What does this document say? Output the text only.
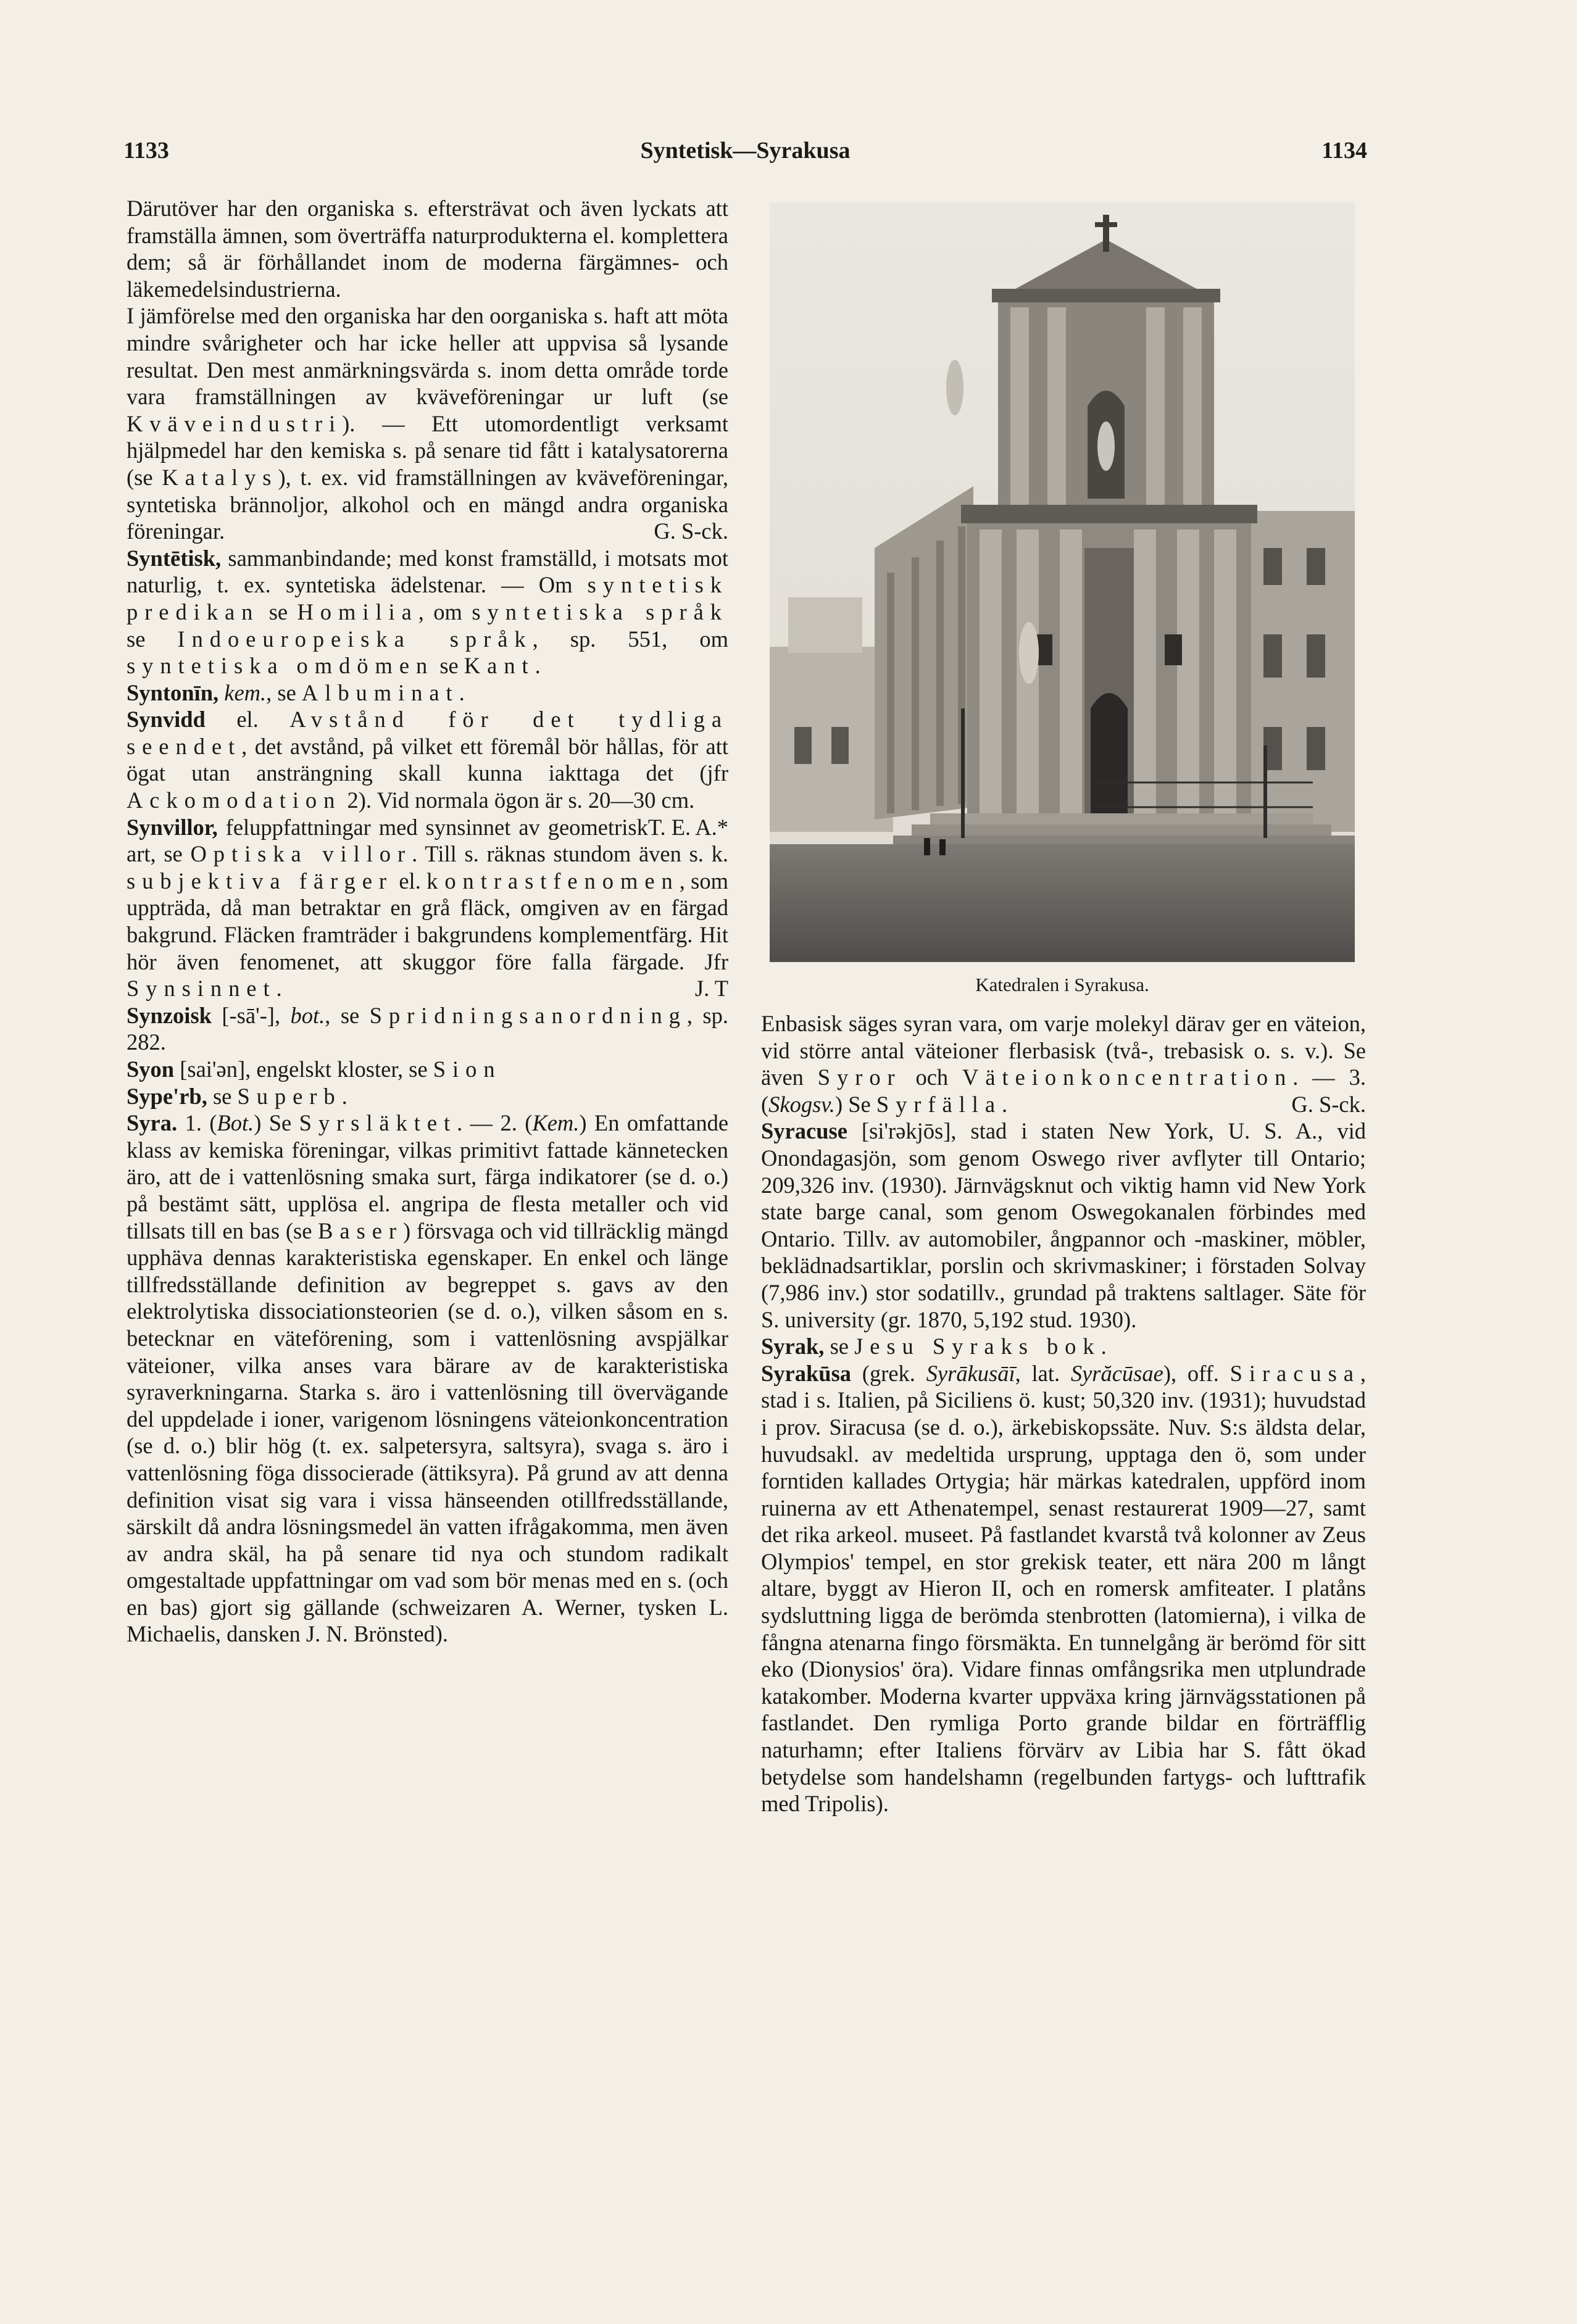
1133	Syntetisk—Syrakusa	1134

Därutöver har den organiska s. eftersträvat och även lyckats att framställa ämnen, som överträffa naturprodukterna el. komplettera dem; så är förhållandet inom de moderna färgämnes- och läkemedelsindustrierna.

I jämförelse med den organiska har den oorganiska s. haft att möta mindre svårigheter och har icke heller att uppvisa så lysande resultat. Den mest anmärkningsvärda s. inom detta område torde vara framställningen av kväveföreningar ur luft (se Kväveindustri). — Ett utomordentligt verksamt hjälpmedel har den kemiska s. på senare tid fått i katalysatorerna (se Katalys), t. ex. vid framställningen av kväveföreningar, syntetiska brännoljor, alkohol och en mängd andra organiska föreningar.	G. S-ck.

Syntētisk, sammanbindande; med konst framställd, i motsats mot naturlig, t. ex. syntetiska ädelstenar. — Om syntetisk predikan se Homilia, om syntetiska språk se Indoeuropeiska språk, sp. 551, om syntetiska omdömen se Kant.

Syntonīn, kem., se Albuminat.

Synvidd el. Avstånd för det tydliga seendet, det avstånd, på vilket ett föremål bör hållas, för att ögat utan ansträngning skall kunna iakttaga det (jfr Ackomodation 2). Vid normala ögon är s. 20—30 cm.
T. E. A.*

Synvillor, feluppfattningar med synsinnet av geometrisk art, se Optiska villor. Till s. räknas stundom även s. k. subjektiva färger el. kontrastfenomen, som uppträda, då man betraktar en grå fläck, omgiven av en färgad bakgrund. Fläcken framträder i bakgrundens komplementfärg. Hit hör även fenomenet, att skuggor före falla färgade. Jfr Synsinnet.	J. T

Synzoisk [-sā'-], bot., se Spridningsanordning, sp. 282.

Syon [sai'ən], engelskt kloster, se Sion

Sype'rb, se Superb.

Syra. 1. (Bot.) Se Syrsläktet. — 2. (Kem.) En omfattande klass av kemiska föreningar, vilkas primitivt fattade kännetecken äro, att de i vattenlösning smaka surt, färga indikatorer (se d. o.) på bestämt sätt, upplösa el. angripa de flesta metaller och vid tillsats till en bas (se Baser) försvaga och vid tillräcklig mängd upphäva dennas karakteristiska egenskaper. En enkel och länge tillfredsställande definition av begreppet s. gavs av den elektrolytiska dissociationsteorien (se d. o.), vilken såsom en s. betecknar en väteförening, som i vattenlösning avspjälkar väteioner, vilka anses vara bärare av de karakteristiska syraverkningarna. Starka s. äro i vattenlösning till övervägande del uppdelade i ioner, varigenom lösningens väteionkoncentration (se d. o.) blir hög (t. ex. salpetersyra, saltsyra), svaga s. äro i vattenlösning föga dissocierade (ättiksyra). På grund av att denna definition visat sig vara i vissa hänseenden otillfredsställande, särskilt då andra lösningsmedel än vatten ifrågakomma, men även av andra skäl, ha på senare tid nya och stundom radikalt omgestaltade uppfattningar om vad som bör menas med en s. (och en bas) gjort sig gällande (schweizaren A. Werner, tysken L. Michaelis, dansken J. N. Brönsted).

Katedralen i Syrakusa.

Enbasisk säges syran vara, om varje molekyl därav ger en väteion, vid större antal väteioner flerbasisk (två-, trebasisk o. s. v.). Se även Syror och Väteionkoncentration. — 3. (Skogsv.) Se Syrfälla.	G. S-ck.

Syracuse [si'rəkjōs], stad i staten New York, U. S. A., vid Onondagasjön, som genom Oswego river avflyter till Ontario; 209,326 inv. (1930). Järnvägsknut och viktig hamn vid New York state barge canal, som genom Oswegokanalen förbindes med Ontario. Tillv. av automobiler, ångpannor och -maskiner, möbler, beklädnadsartiklar, porslin och skrivmaskiner; i förstaden Solvay (7,986 inv.) stor sodatillv., grundad på traktens saltlager. Säte för S. university (gr. 1870, 5,192 stud. 1930).

Syrak, se Jesu Syraks bok.

Syrakūsa (grek. Syrākusāī, lat. Syrăcūsae), off. Siracusa, stad i s. Italien, på Siciliens ö. kust; 50,320 inv. (1931); huvudstad i prov. Siracusa (se d. o.), ärkebiskopssäte. Nuv. S:s äldsta delar, huvudsakl. av medeltida ursprung, upptaga den ö, som under forntiden kallades Ortygia; här märkas katedralen, uppförd inom ruinerna av ett Athenatempel, senast restaurerat 1909—27, samt det rika arkeol. museet. På fastlandet kvarstå två kolonner av Zeus Olympios' tempel, en stor grekisk teater, ett nära 200 m långt altare, byggt av Hieron II, och en romersk amfiteater. I platåns sydsluttning ligga de berömda stenbrotten (latomierna), i vilka de fångna atenarna fingo försmäkta. En tunnelgång är berömd för sitt eko (Dionysios' öra). Vidare finnas omfångsrika men utplundrade katakomber. Moderna kvarter uppväxa kring järnvägsstationen på fastlandet. Den rymliga Porto grande bildar en förträfflig naturhamn; efter Italiens förvärv av Libia har S. fått ökad betydelse som handelshamn (regelbunden fartygs- och lufttrafik med Tripolis).
